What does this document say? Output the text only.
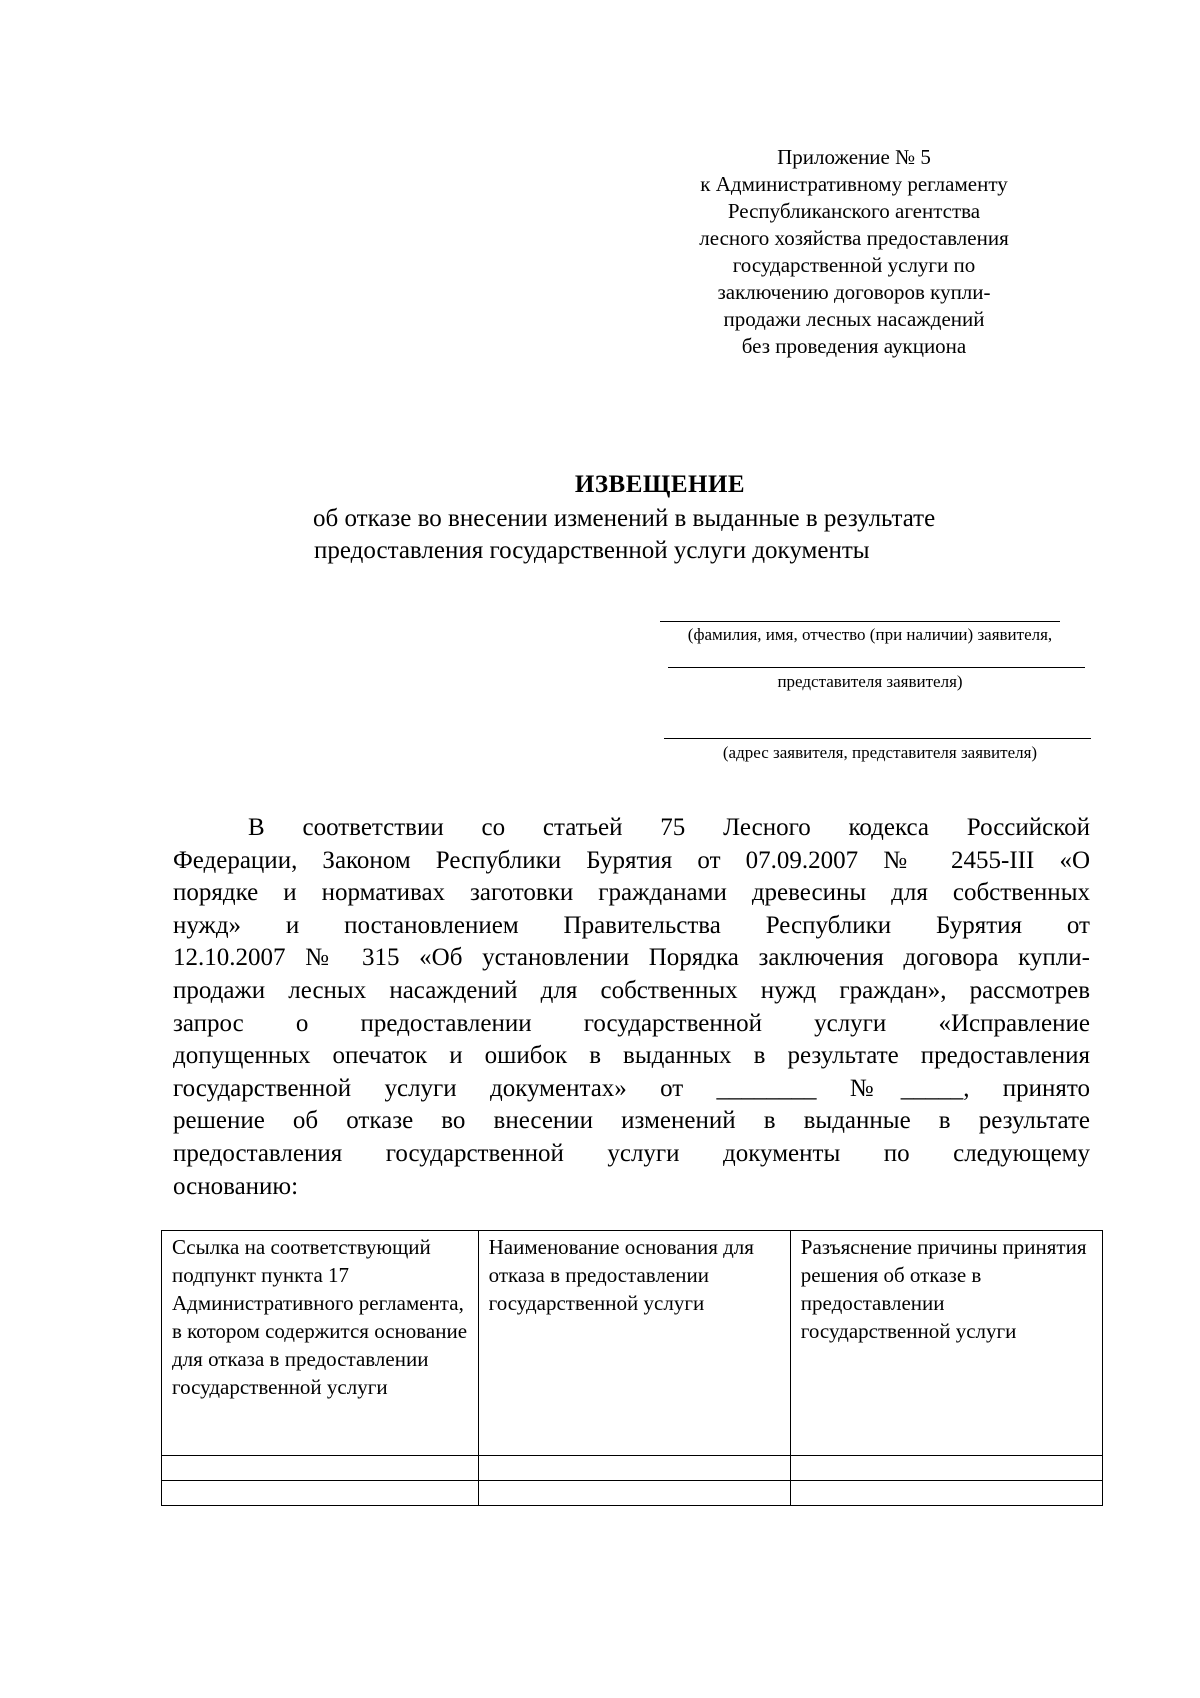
Приложение № 5
к Административному регламенту
Республиканского агентства
лесного хозяйства предоставления
государственной услуги по
заключению договоров купли-
продажи лесных насаждений
без проведения аукциона
ИЗВЕЩЕНИЕ
об отказе во внесении изменений в выданные в результате
предоставления государственной услуги документы
(фамилия, имя, отчество (при наличии) заявителя,
представителя заявителя)
(адрес заявителя, представителя заявителя)
В соответствии со статьей 75 Лесного кодекса Российской
Федерации, Законом Республики Бурятия от 07.09.2007 № 2455-III «О
порядке и нормативах заготовки гражданами древесины для собственных
нужд» и постановлением Правительства Республики Бурятия от
12.10.2007 № 315 «Об установлении Порядка заключения договора купли-
продажи лесных насаждений для собственных нужд граждан», рассмотрев
запрос о предоставлении государственной услуги «Исправление
допущенных опечаток и ошибок в выданных в результате предоставления
государственной услуги документах» от ________ №_____, принято
решение об отказе во внесении изменений в выданные в результате
предоставления государственной услуги документы по следующему
основанию:
Ссылка на соответствующий подпункт пункта 17 Административного регламента, в котором содержится основание для отказа в предоставлении государственной услуги	Наименование основания для отказа в предоставлении государственной услуги	Разъяснение причины принятия решения об отказе в предоставлении государственной услуги
